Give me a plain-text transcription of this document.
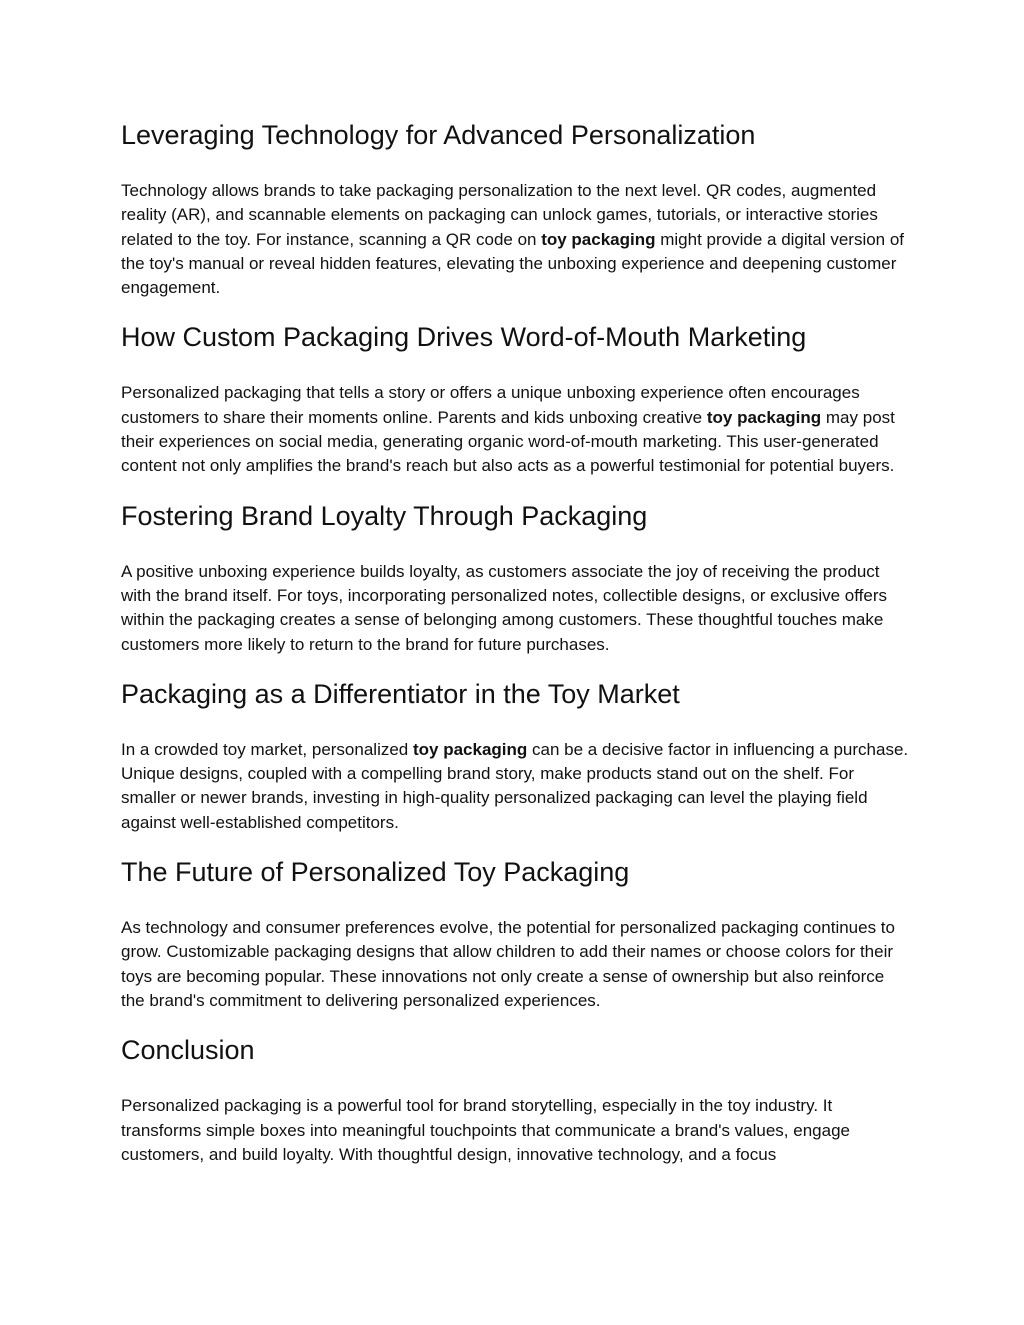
Leveraging Technology for Advanced Personalization

Technology allows brands to take packaging personalization to the next level. QR codes, augmented reality (AR), and scannable elements on packaging can unlock games, tutorials, or interactive stories related to the toy. For instance, scanning a QR code on toy packaging might provide a digital version of the toy's manual or reveal hidden features, elevating the unboxing experience and deepening customer engagement.

How Custom Packaging Drives Word-of-Mouth Marketing

Personalized packaging that tells a story or offers a unique unboxing experience often encourages customers to share their moments online. Parents and kids unboxing creative toy packaging may post their experiences on social media, generating organic word-of-mouth marketing. This user-generated content not only amplifies the brand's reach but also acts as a powerful testimonial for potential buyers.

Fostering Brand Loyalty Through Packaging

A positive unboxing experience builds loyalty, as customers associate the joy of receiving the product with the brand itself. For toys, incorporating personalized notes, collectible designs, or exclusive offers within the packaging creates a sense of belonging among customers. These thoughtful touches make customers more likely to return to the brand for future purchases.

Packaging as a Differentiator in the Toy Market

In a crowded toy market, personalized toy packaging can be a decisive factor in influencing a purchase. Unique designs, coupled with a compelling brand story, make products stand out on the shelf. For smaller or newer brands, investing in high-quality personalized packaging can level the playing field against well-established competitors.

The Future of Personalized Toy Packaging

As technology and consumer preferences evolve, the potential for personalized packaging continues to grow. Customizable packaging designs that allow children to add their names or choose colors for their toys are becoming popular. These innovations not only create a sense of ownership but also reinforce the brand's commitment to delivering personalized experiences.

Conclusion

Personalized packaging is a powerful tool for brand storytelling, especially in the toy industry. It transforms simple boxes into meaningful touchpoints that communicate a brand's values, engage customers, and build loyalty. With thoughtful design, innovative technology, and a focus
